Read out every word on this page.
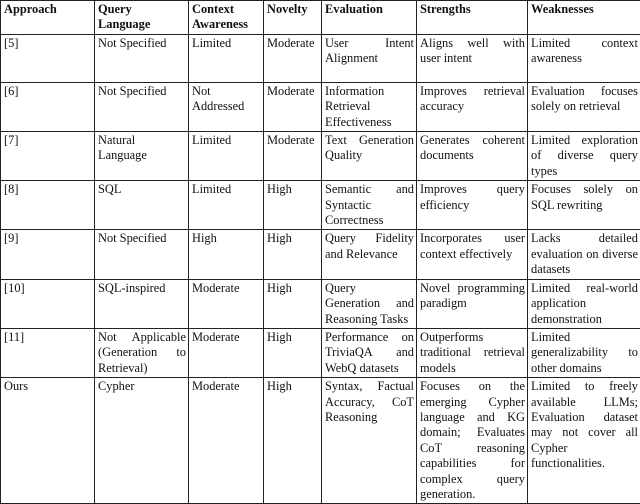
Approach	Query Language	Context Awareness	Novelty	Evaluation	Strengths	Weaknesses
[5]	Not Specified	Limited	Moderate	User Intent Alignment	Aligns well with user intent	Limited context awareness
[6]	Not Specified	Not Addressed	Moderate	Information Retrieval Effectiveness	Improves retrieval accuracy	Evaluation focuses solely on retrieval
[7]	Natural Language	Limited	Moderate	Text Generation Quality	Generates coherent documents	Limited exploration of diverse query types
[8]	SQL	Limited	High	Semantic and Syntactic Correctness	Improves query efficiency	Focuses solely on SQL rewriting
[9]	Not Specified	High	High	Query Fidelity and Relevance	Incorporates user context effectively	Lacks detailed evaluation on diverse datasets
[10]	SQL-inspired	Moderate	High	Query Generation and Reasoning Tasks	Novel programming paradigm	Limited real-world application demonstration
[11]	Not Applicable (Generation to Retrieval)	Moderate	High	Performance on TriviaQA and WebQ datasets	Outperforms traditional retrieval models	Limited generalizability to other domains
Ours	Cypher	Moderate	High	Syntax, Factual Accuracy, CoT Reasoning	Focuses on the emerging Cypher language and KG domain; Evaluates CoT reasoning capabilities for complex query generation.	Limited to freely available LLMs; Evaluation dataset may not cover all Cypher functionalities.
